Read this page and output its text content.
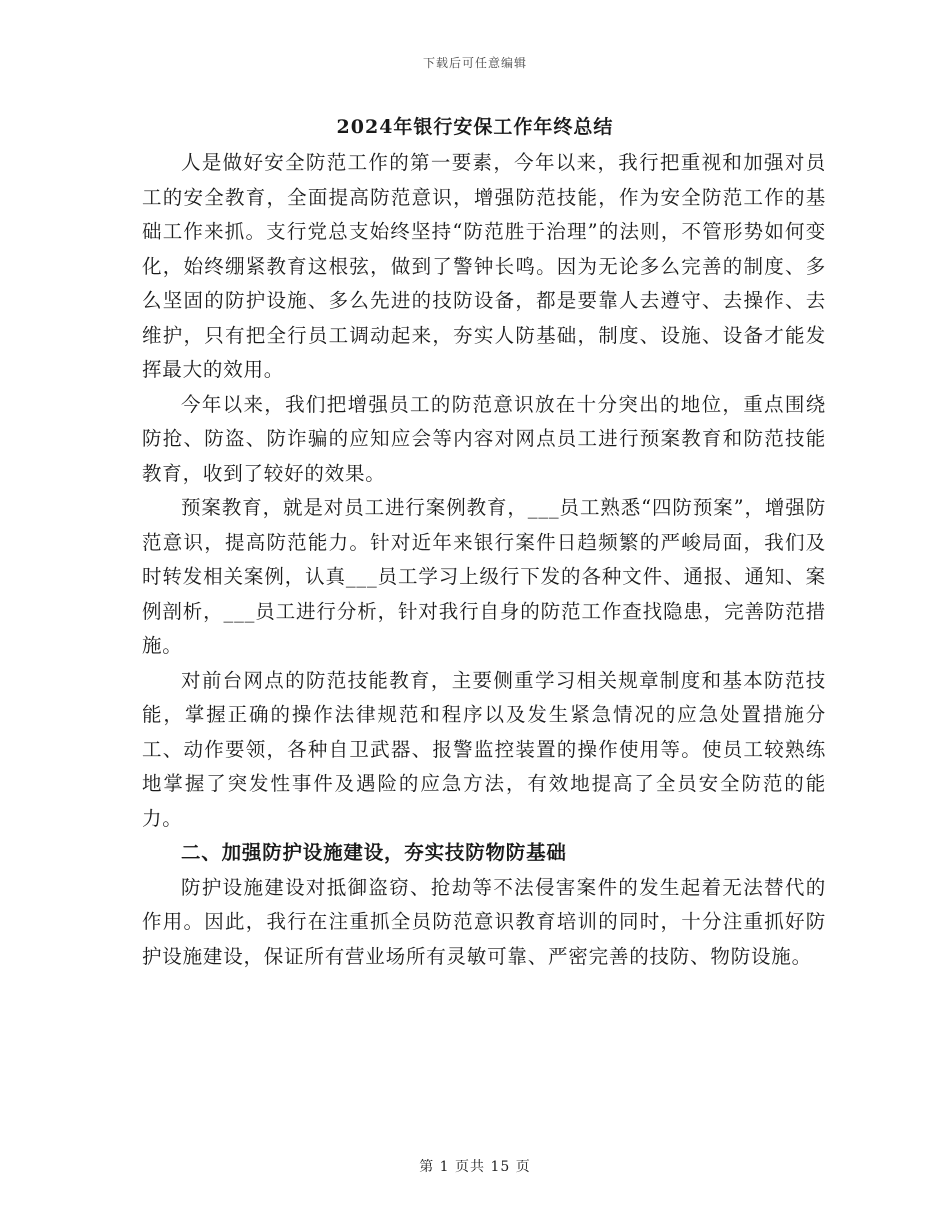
下载后可任意编辑
2024年银行安保工作年终总结

人是做好安全防范工作的第一要素，今年以来，我行把重视和加强对员工的安全教育，全面提高防范意识，增强防范技能，作为安全防范工作的基础工作来抓。支行党总支始终坚持“防范胜于治理”的法则，不管形势如何变化，始终绷紧教育这根弦，做到了警钟长鸣。因为无论多么完善的制度、多么坚固的防护设施、多么先进的技防设备，都是要靠人去遵守、去操作、去维护，只有把全行员工调动起来，夯实人防基础，制度、设施、设备才能发挥最大的效用。

今年以来，我们把增强员工的防范意识放在十分突出的地位，重点围绕防抢、防盗、防诈骗的应知应会等内容对网点员工进行预案教育和防范技能教育，收到了较好的效果。

预案教育，就是对员工进行案例教育，___员工熟悉“四防预案”，增强防范意识，提高防范能力。针对近年来银行案件日趋频繁的严峻局面，我们及时转发相关案例，认真___员工学习上级行下发的各种文件、通报、通知、案例剖析，___员工进行分析，针对我行自身的防范工作查找隐患，完善防范措施。

对前台网点的防范技能教育，主要侧重学习相关规章制度和基本防范技能，掌握正确的操作法律规范和程序以及发生紧急情况的应急处置措施分工、动作要领，各种自卫武器、报警监控装置的操作使用等。使员工较熟练地掌握了突发性事件及遇险的应急方法，有效地提高了全员安全防范的能力。

二、加强防护设施建设，夯实技防物防基础

防护设施建设对抵御盗窃、抢劫等不法侵害案件的发生起着无法替代的作用。因此，我行在注重抓全员防范意识教育培训的同时，十分注重抓好防护设施建设，保证所有营业场所有灵敏可靠、严密完善的技防、物防设施。

第 1 页共 15 页
